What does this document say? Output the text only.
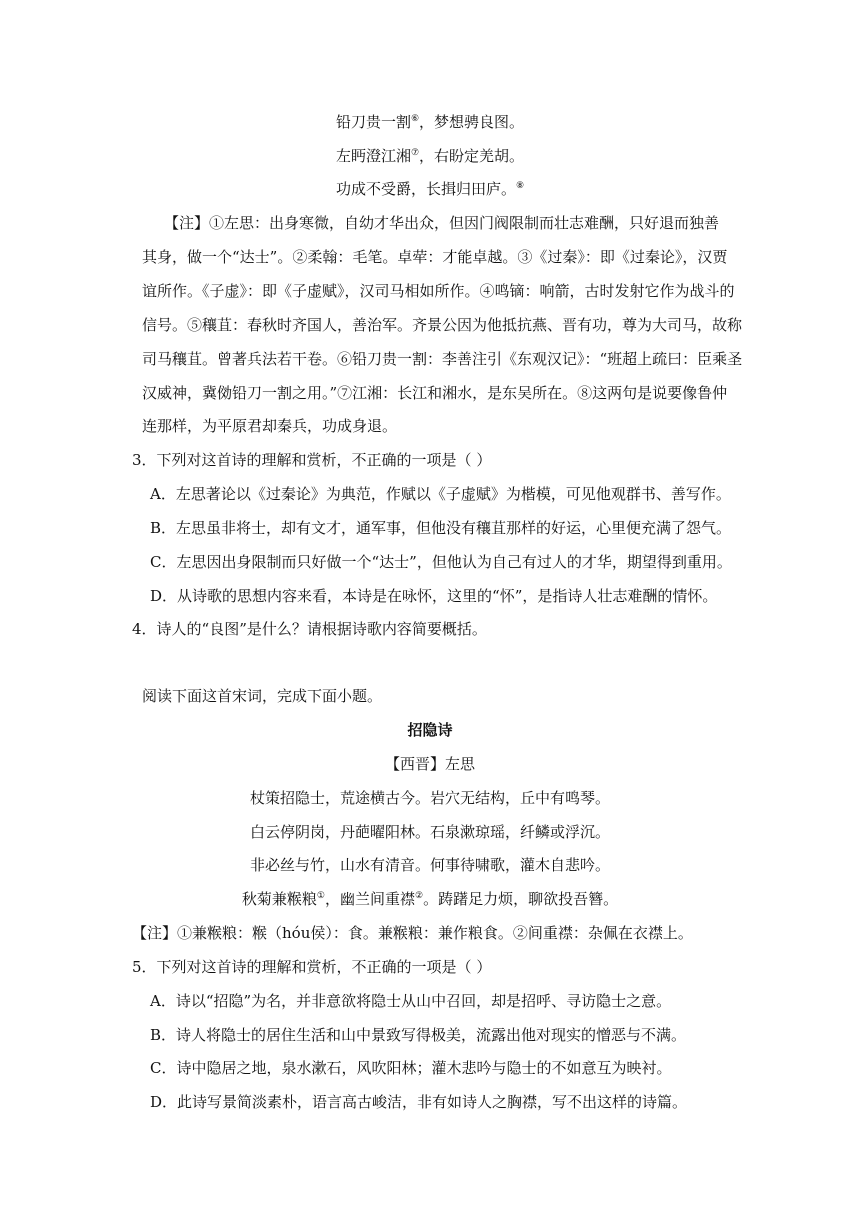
铅刀贵一割⑥，梦想骋良图。
左眄澄江湘⑦，右盼定羌胡。
功成不受爵，长揖归田庐。⑧
【注】①左思：出身寒微，自幼才华出众，但因门阀限制而壮志难酬，只好退而独善
其身，做一个“达士”。②柔翰：毛笔。卓荦：才能卓越。③《过秦》：即《过秦论》，汉贾
谊所作。《子虚》：即《子虚赋》，汉司马相如所作。④鸣镝：响箭，古时发射它作为战斗的
信号。⑤穰苴：春秋时齐国人，善治军。齐景公因为他抵抗燕、晋有功，尊为大司马，故称
司马穰苴。曾著兵法若干卷。⑥铅刀贵一割：李善注引《东观汉记》：“班超上疏曰：臣乘圣
汉威神，冀俲铅刀一割之用。”⑦江湘：长江和湘水，是东吴所在。⑧这两句是说要像鲁仲
连那样，为平原君却秦兵，功成身退。
3．下列对这首诗的理解和赏析，不正确的一项是（ ）
A．左思著论以《过秦论》为典范，作赋以《子虚赋》为楷模，可见他观群书、善写作。
B．左思虽非将士，却有文才，通军事，但他没有穰苴那样的好运，心里便充满了怨气。
C．左思因出身限制而只好做一个“达士”，但他认为自己有过人的才华，期望得到重用。
D．从诗歌的思想内容来看，本诗是在咏怀，这里的“怀”，是指诗人壮志难酬的情怀。
4．诗人的“良图”是什么？请根据诗歌内容简要概括。
阅读下面这首宋词，完成下面小题。
招隐诗
【西晋】左思
杖策招隐士，荒途横古今。岩穴无结构，丘中有鸣琴。
白云停阴岗，丹葩曜阳林。石泉漱琼瑶，纤鳞或浮沉。
非必丝与竹，山水有清音。何事待啸歌，灌木自悲吟。
秋菊兼糇粮①，幽兰间重襟②。踌躇足力烦，聊欲投吾簪。
【注】①兼糇粮：糇（hóu侯）：食。兼糇粮：兼作粮食。②间重襟：杂佩在衣襟上。
5．下列对这首诗的理解和赏析，不正确的一项是（ ）
A．诗以“招隐”为名，并非意欲将隐士从山中召回，却是招呼、寻访隐士之意。
B．诗人将隐士的居住生活和山中景致写得极美，流露出他对现实的憎恶与不满。
C．诗中隐居之地，泉水漱石，风吹阳林；灌木悲吟与隐士的不如意互为映衬。
D．此诗写景简淡素朴，语言高古峻洁，非有如诗人之胸襟，写不出这样的诗篇。
